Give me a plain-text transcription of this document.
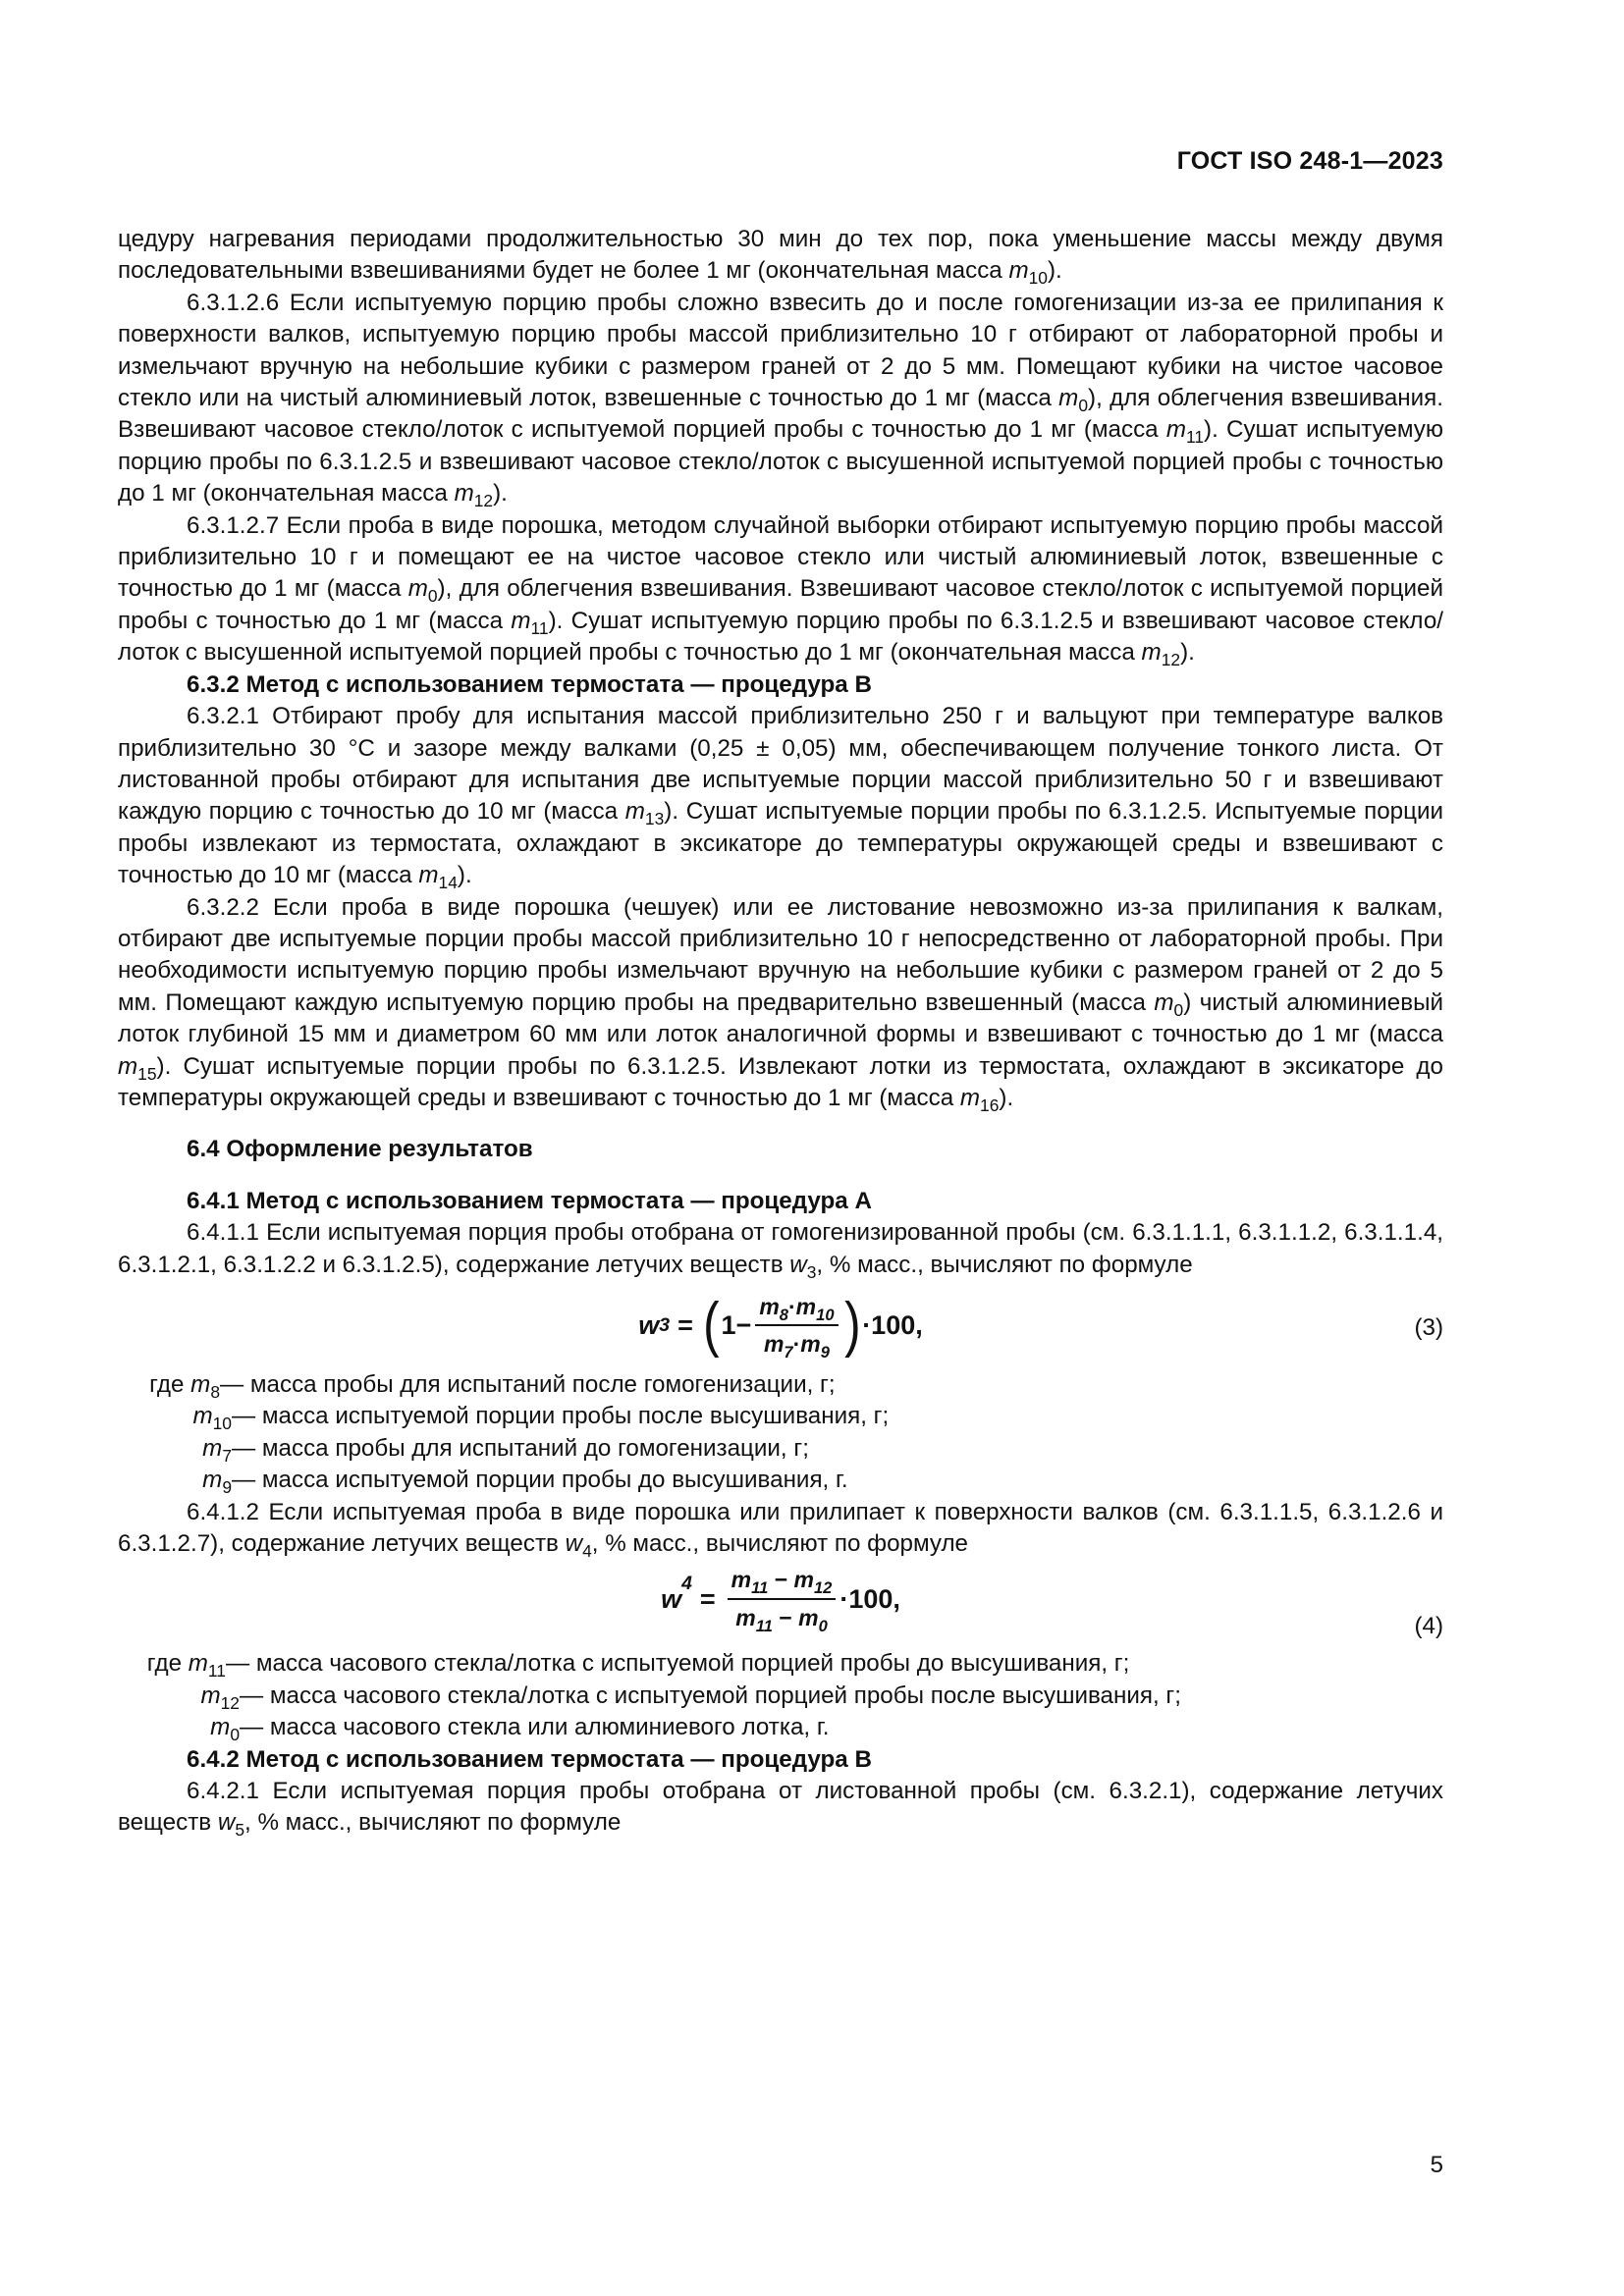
ГОСТ ISO 248-1—2023

цедуру нагревания периодами продолжительностью 30 мин до тех пор, пока уменьшение массы между двумя последовательными взвешиваниями будет не более 1 мг (окончательная масса $m_{10}$).

6.3.1.2.6 Если испытуемую порцию пробы сложно взвесить до и после гомогенизации из-за ее прилипания к поверхности валков, испытуемую порцию пробы массой приблизительно 10 г отбирают от лабораторной пробы и измельчают вручную на небольшие кубики с размером граней от 2 до 5 мм. Помещают кубики на чистое часовое стекло или на чистый алюминиевый лоток, взвешенные с точностью до 1 мг (масса $m_0$), для облегчения взвешивания. Взвешивают часовое стекло/лоток с испытуемой порцией пробы с точностью до 1 мг (масса $m_{11}$). Сушат испытуемую порцию пробы по 6.3.1.2.5 и взвешивают часовое стекло/лоток с высушенной испытуемой порцией пробы с точностью до 1 мг (окончательная масса $m_{12}$).

6.3.1.2.7 Если проба в виде порошка, методом случайной выборки отбирают испытуемую порцию пробы массой приблизительно 10 г и помещают ее на чистое часовое стекло или чистый алюминиевый лоток, взвешенные с точностью до 1 мг (масса $m_0$), для облегчения взвешивания. Взвешивают часовое стекло/лоток с испытуемой порцией пробы с точностью до 1 мг (масса $m_{11}$). Сушат испытуемую порцию пробы по 6.3.1.2.5 и взвешивают часовое стекло/лоток с высушенной испытуемой порцией пробы с точностью до 1 мг (окончательная масса $m_{12}$).

6.3.2 Метод с использованием термостата — процедура В

6.3.2.1 Отбирают пробу для испытания массой приблизительно 250 г и вальцуют при температуре валков приблизительно 30 °С и зазоре между валками (0,25 ± 0,05) мм, обеспечивающем получение тонкого листа. От листованной пробы отбирают для испытания две испытуемые порции массой приблизительно 50 г и взвешивают каждую порцию с точностью до 10 мг (масса $m_{13}$). Сушат испытуемые порции пробы по 6.3.1.2.5. Испытуемые порции пробы извлекают из термостата, охлаждают в эксикаторе до температуры окружающей среды и взвешивают с точностью до 10 мг (масса $m_{14}$).

6.3.2.2 Если проба в виде порошка (чешуек) или ее листование невозможно из-за прилипания к валкам, отбирают две испытуемые порции пробы массой приблизительно 10 г непосредственно от лабораторной пробы. При необходимости испытуемую порцию пробы измельчают вручную на небольшие кубики с размером граней от 2 до 5 мм. Помещают каждую испытуемую порцию пробы на предварительно взвешенный (масса $m_0$) чистый алюминиевый лоток глубиной 15 мм и диаметром 60 мм или лоток аналогичной формы и взвешивают с точностью до 1 мг (масса $m_{15}$). Сушат испытуемые порции пробы по 6.3.1.2.5. Извлекают лотки из термостата, охлаждают в эксикаторе до температуры окружающей среды и взвешивают с точностью до 1 мг (масса $m_{16}$).

6.4 Оформление результатов

6.4.1 Метод с использованием термостата — процедура А

6.4.1.1 Если испытуемая порция пробы отобрана от гомогенизированной пробы (см. 6.3.1.1.1, 6.3.1.1.2, 6.3.1.1.4, 6.3.1.2.1, 6.3.1.2.2 и 6.3.1.2.5), содержание летучих веществ $w_3$, % масс., вычисляют по формуле

w 3 = ( $1 - \frac{m_8\cdot m_{10}}{m_7\cdot m_9}$ ) ·100,	(3)
где $m_8$ — масса пробы для испытаний после гомогенизации, г;
$m_{10}$ — масса испытуемой порции пробы после высушивания, г;
$m_7$ — масса пробы для испытаний до гомогенизации, г;
$m_9$ — масса испытуемой порции пробы до высушивания, г.

6.4.1.2 Если испытуемая проба в виде порошка или прилипает к поверхности валков (см. 6.3.1.1.5, 6.3.1.2.6 и 6.3.1.2.7), содержание летучих веществ $w_4$, % масс., вычисляют по формуле

w
4
= $\frac{m_{11} - m_{12}}{m_{11} - m_0} \cdot 100$,
(4)
где $m_{11}$ — масса часового стекла/лотка с испытуемой порцией пробы до высушивания, г;
$m_{12}$ — масса часового стекла/лотка с испытуемой порцией пробы после высушивания, г;
$m_0$ — масса часового стекла или алюминиевого лотка, г.

6.4.2 Метод с использованием термостата — процедура В

6.4.2.1 Если испытуемая порция пробы отобрана от листованной пробы (см. 6.3.2.1), содержание летучих веществ $w_5$, % масс., вычисляют по формуле

5
